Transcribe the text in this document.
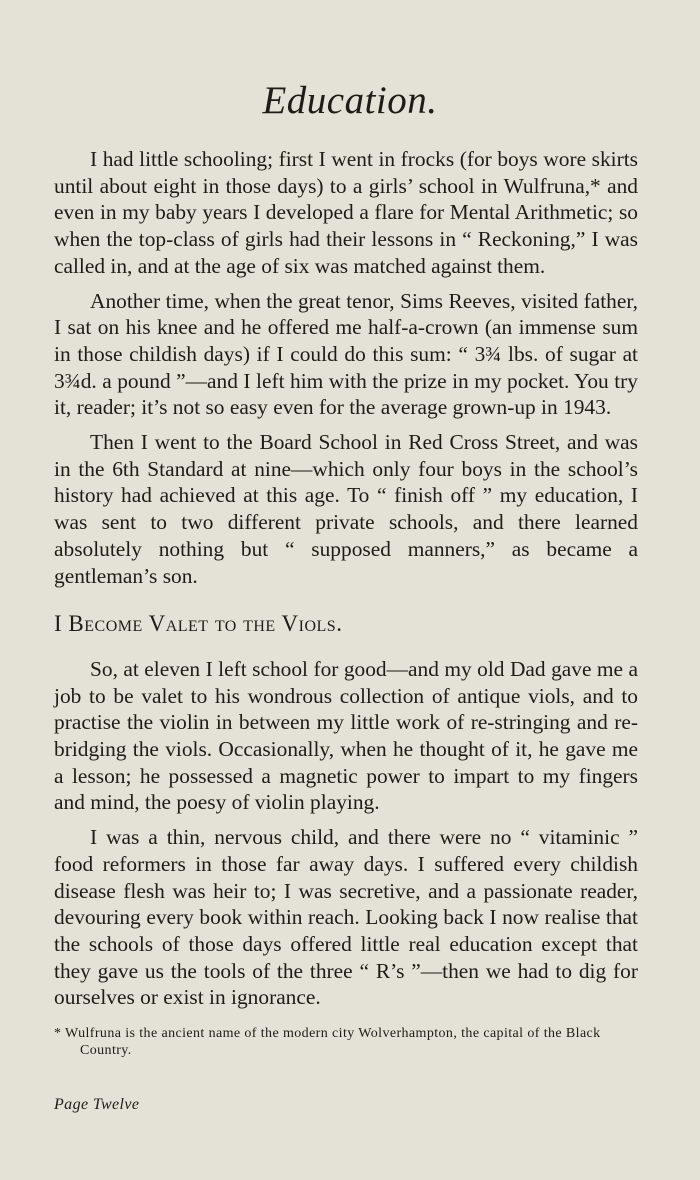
Education.

I had little schooling; first I went in frocks (for boys wore skirts until about eight in those days) to a girls’ school in Wulfruna,* and even in my baby years I developed a flare for Mental Arithmetic; so when the top-class of girls had their lessons in “ Reckoning,” I was called in, and at the age of six was matched against them.

Another time, when the great tenor, Sims Reeves, visited father, I sat on his knee and he offered me half-a-crown (an immense sum in those childish days) if I could do this sum: “ 3¾ lbs. of sugar at 3¾d. a pound ”—and I left him with the prize in my pocket. You try it, reader; it’s not so easy even for the average grown-up in 1943.

Then I went to the Board School in Red Cross Street, and was in the 6th Standard at nine—which only four boys in the school’s history had achieved at this age. To “ finish off ” my education, I was sent to two different private schools, and there learned absolutely nothing but “ supposed manners,” as became a gentleman’s son.

I Become Valet to the Viols.

So, at eleven I left school for good—and my old Dad gave me a job to be valet to his wondrous collection of antique viols, and to practise the violin in between my little work of re-stringing and re-bridging the viols. Occasionally, when he thought of it, he gave me a lesson; he possessed a magnetic power to impart to my fingers and mind, the poesy of violin playing.

I was a thin, nervous child, and there were no “ vitaminic ” food reformers in those far away days. I suffered every childish disease flesh was heir to; I was secretive, and a passionate reader, devouring every book within reach. Looking back I now realise that the schools of those days offered little real education except that they gave us the tools of the three “ R’s ”—then we had to dig for ourselves or exist in ignorance.

* Wulfruna is the ancient name of the modern city Wolverhampton, the capital of the Black Country.

Page Twelve
